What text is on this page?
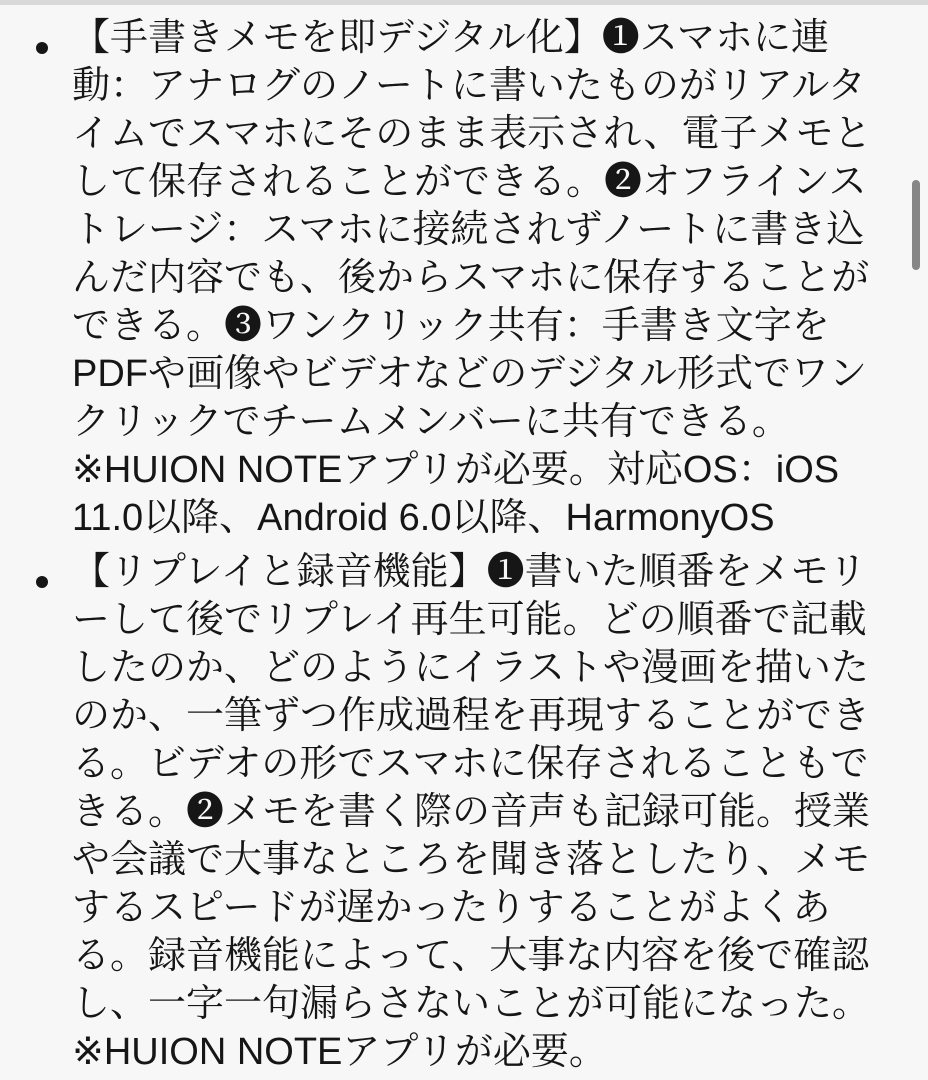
【手書きメモを即デジタル化】❶スマホに連
動：アナログのノートに書いたものがリアルタ
イムでスマホにそのまま表示され、電子メモと
して保存されることができる。❷オフラインス
トレージ：スマホに接続されずノートに書き込
んだ内容でも、後からスマホに保存することが
できる。❸ワンクリック共有：手書き文字を
PDFや画像やビデオなどのデジタル形式でワン
クリックでチームメンバーに共有できる。
※HUION NOTEアプリが必要。対応OS：iOS
11.0以降、Android 6.0以降、HarmonyOS
【リプレイと録音機能】❶書いた順番をメモリ
ーして後でリプレイ再生可能。どの順番で記載
したのか、どのようにイラストや漫画を描いた
のか、一筆ずつ作成過程を再現することができ
る。ビデオの形でスマホに保存されることもで
きる。❷メモを書く際の音声も記録可能。授業
や会議で大事なところを聞き落としたり、メモ
するスピードが遅かったりすることがよくあ
る。録音機能によって、大事な内容を後で確認
し、一字一句漏らさないことが可能になった。
※HUION NOTEアプリが必要。
